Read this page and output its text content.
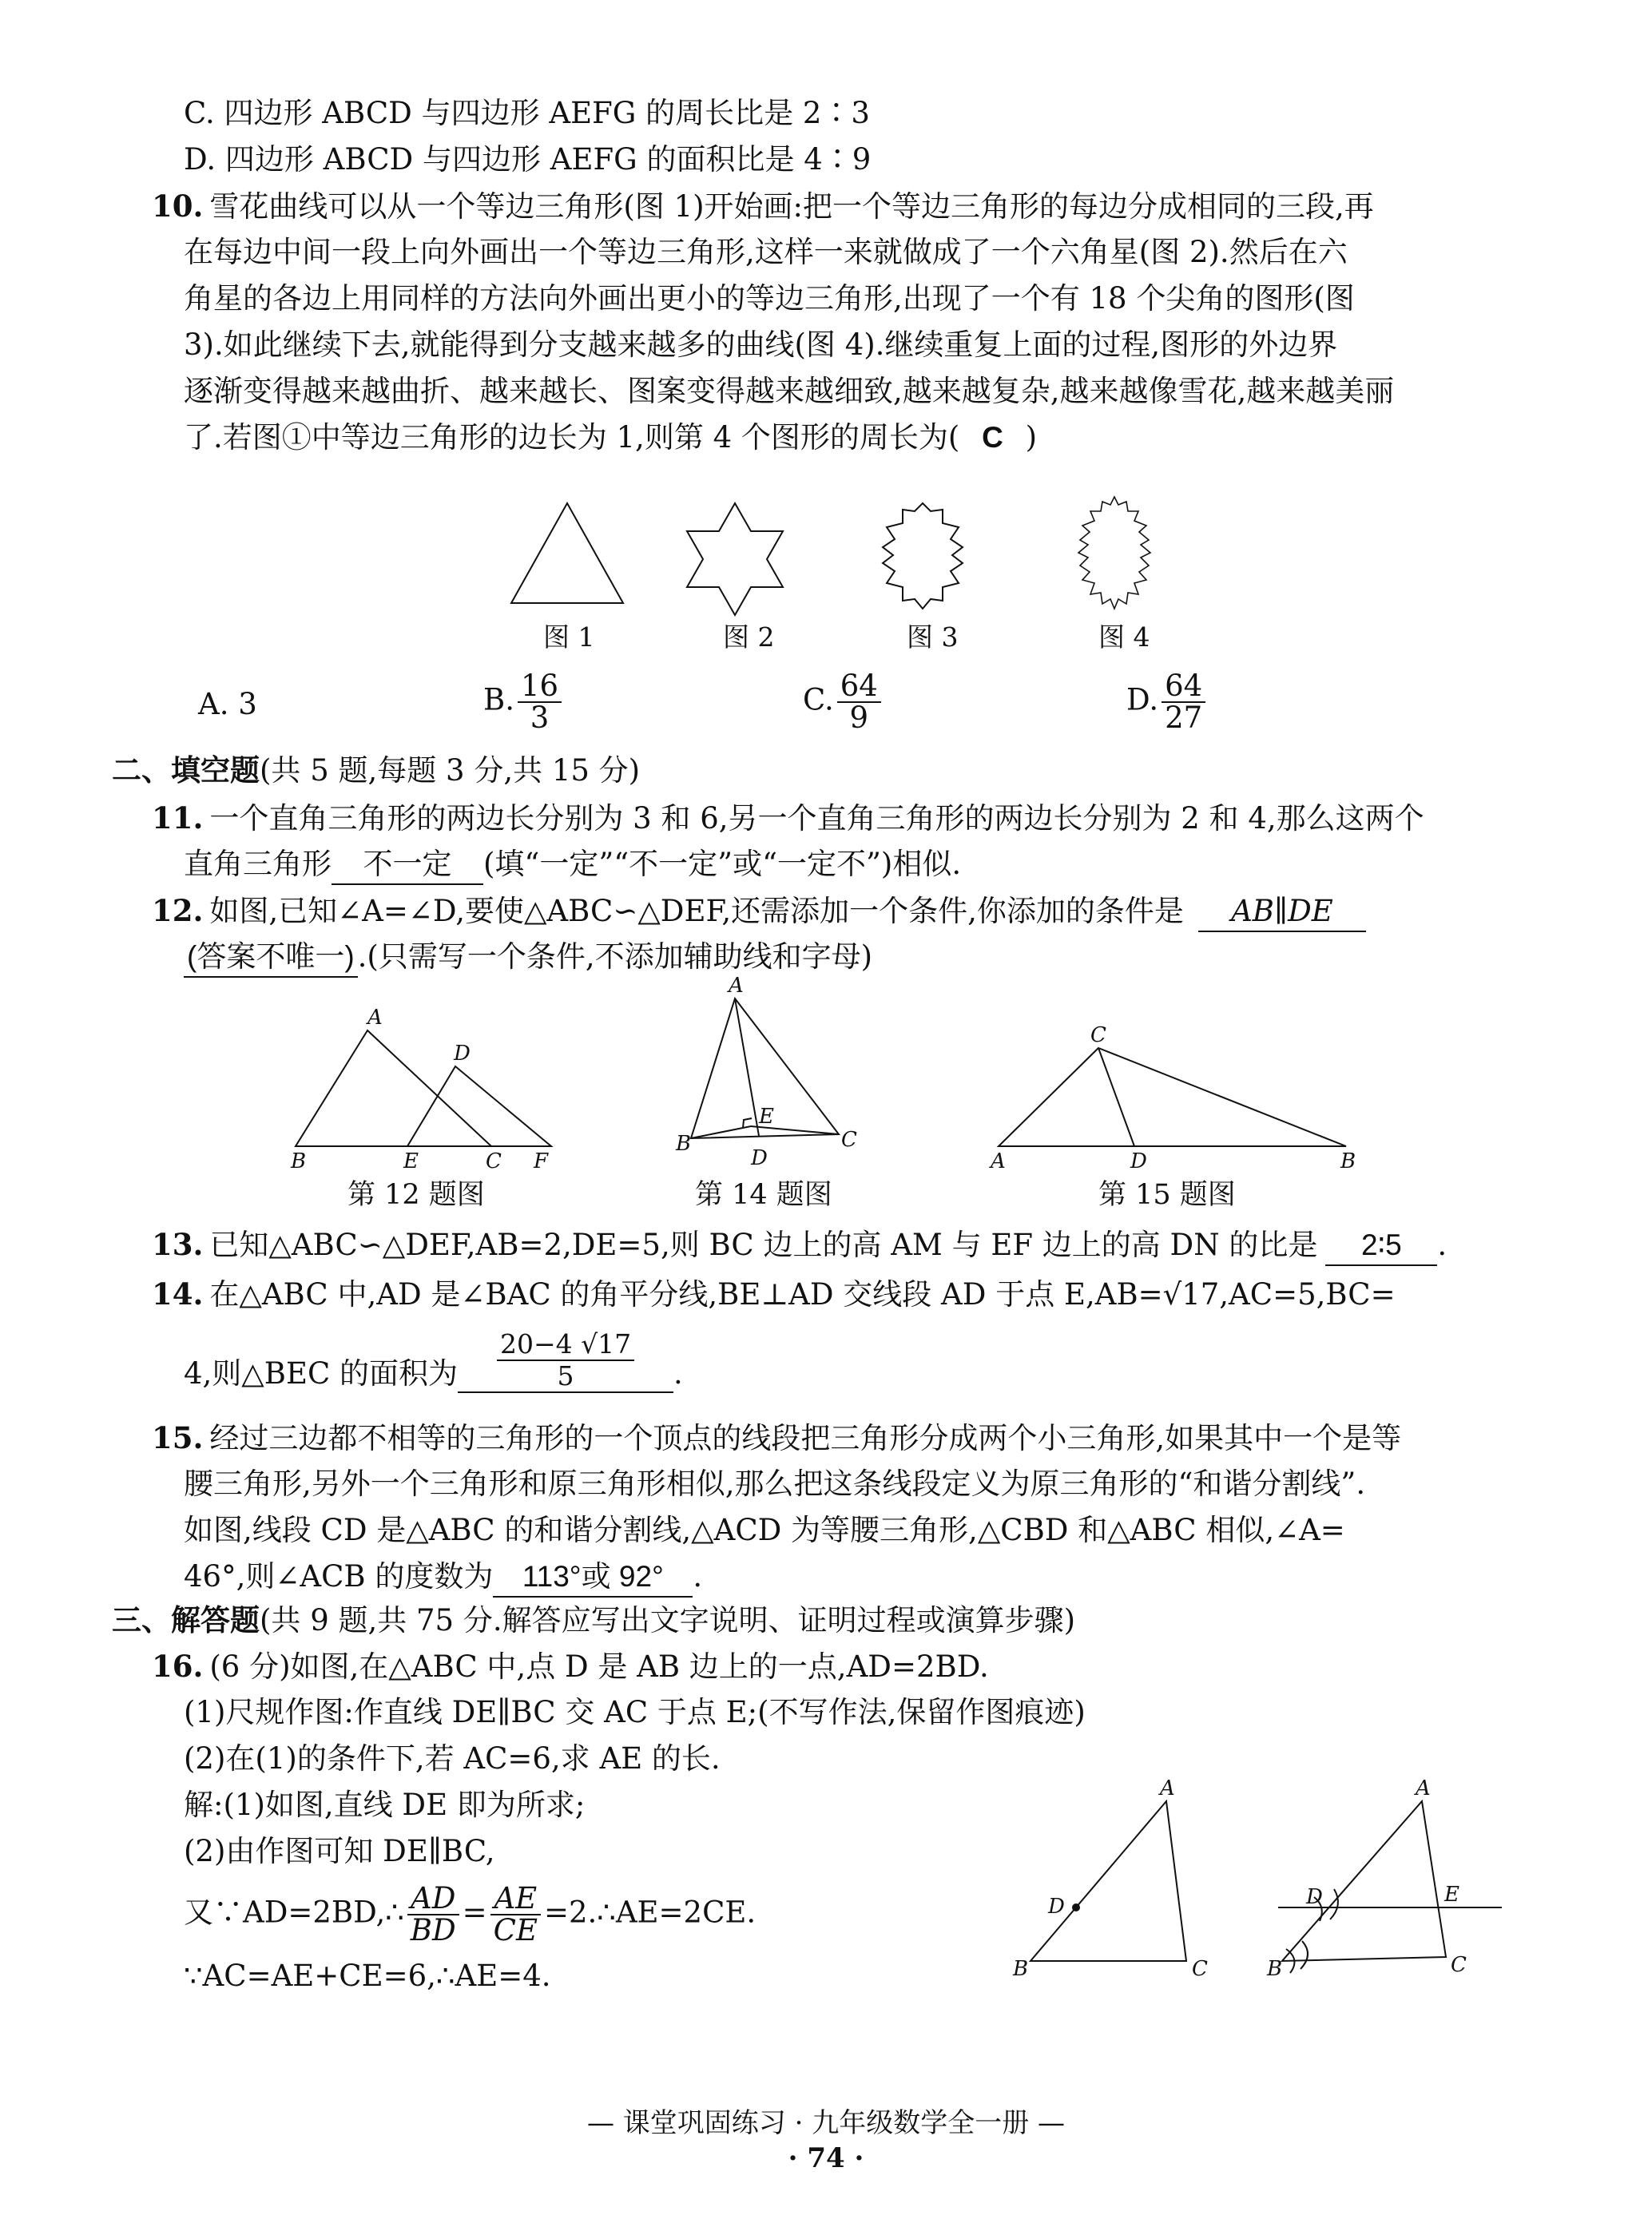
C. 四边形 ABCD 与四边形 AEFG 的周长比是 2∶3
D. 四边形 ABCD 与四边形 AEFG 的面积比是 4∶9
10. 雪花曲线可以从一个等边三角形(图 1)开始画:把一个等边三角形的每边分成相同的三段,再
在每边中间一段上向外画出一个等边三角形,这样一来就做成了一个六角星(图 2).然后在六
角星的各边上用同样的方法向外画出更小的等边三角形,出现了一个有 18 个尖角的图形(图
3).如此继续下去,就能得到分支越来越多的曲线(图 4).继续重复上面的过程,图形的外边界
逐渐变得越来越曲折、越来越长、图案变得越来越细致,越来越复杂,越来越像雪花,越来越美丽
了.若图①中等边三角形的边长为 1,则第 4 个图形的周长为( C )
图 1	图 2	图 3	图 4
A. 3	B. $\frac{16}{3}$	C. $\frac{64}{9}$	D. $\frac{64}{27}$
二、填空题(共 5 题,每题 3 分,共 15 分)
11. 一个直角三角形的两边长分别为 3 和 6,另一个直角三角形的两边长分别为 2 和 4,那么这两个
直角三角形 不一定 (填“一定”“不一定”或“一定不”)相似.
12. 如图,已知∠A=∠D,要使△ABC∽△DEF,还需添加一个条件,你添加的条件是 AB∥DE
(答案不唯一) .(只需写一个条件,不添加辅助线和字母)
A
B	E	C
D
F
A
B	C
D
E
C
A	D	B
第 12 题图	第 14 题图	第 15 题图
13. 已知△ABC∽△DEF,AB=2,DE=5,则 BC 边上的高 AM 与 EF 边上的高 DN 的比是 2∶5 .
14. 在△ABC 中,AD 是∠BAC 的角平分线,BE⊥AD 交线段 AD 于点 E,AB=√17,AC=5,BC=
4,则△BEC 的面积为 $\frac{20-4 √17}{5}$ .
15. 经过三边都不相等的三角形的一个顶点的线段把三角形分成两个小三角形,如果其中一个是等
腰三角形,另外一个三角形和原三角形相似,那么把这条线段定义为原三角形的“和谐分割线”.
如图,线段 CD 是△ABC 的和谐分割线,△ACD 为等腰三角形,△CBD 和△ABC 相似,∠A=
46°,则∠ACB 的度数为 113°或 92° .
三、解答题(共 9 题,共 75 分.解答应写出文字说明、证明过程或演算步骤)
16. (6 分)如图,在△ABC 中,点 D 是 AB 边上的一点,AD=2BD.
(1)尺规作图:作直线 DE∥BC 交 AC 于点 E;(不写作法,保留作图痕迹)
(2)在(1)的条件下,若 AC=6,求 AE 的长.
解:(1)如图,直线 DE 即为所求;
(2)由作图可知 DE∥BC,
又∵AD=2BD,∴ $\frac{AD}{BD} = \frac{AE}{CE}$ =2.∴AE=2CE.
∵AC=AE+CE=6,∴AE=4.
A
B	C
D
A
B	C
D	E
— 课堂巩固练习 · 九年级数学全一册 —
· 74 ·
